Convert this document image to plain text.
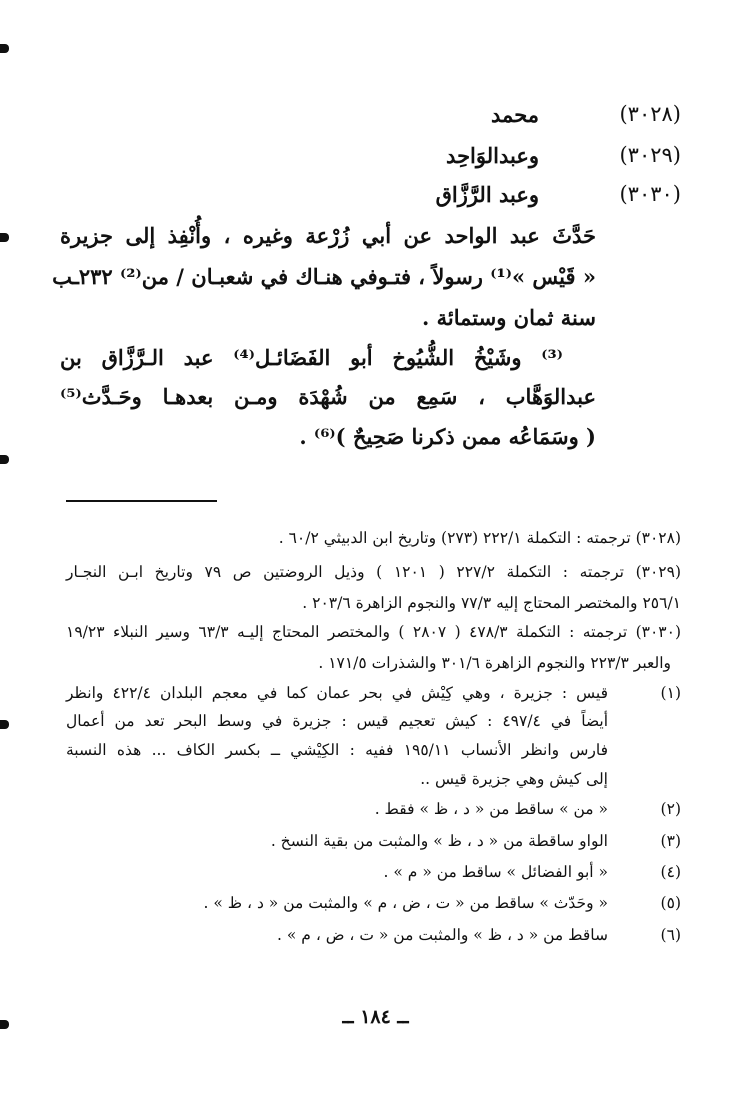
(٣٠٢٨)
محمد
(٣٠٢٩)
وعبدالوَاحِد
(٣٠٣٠)
وعبد الرَّزَّاق
حَدَّثَ عبد الواحد عن أبي زُرْعة وغيره ، وأُنْفِذ إلى جزيرة
« قَيْس »⁽¹⁾ رسولاً ، فتـوفي هنـاك في شعبـان / من⁽²⁾ ٢٣٢ـب
سنة ثمان وستمائة .
⁽³⁾ وشَيْخُ الشُّيُوخ أبو الفَضَائـل⁽⁴⁾ عبد الـرَّزَّاق بن
عبدالوَهَّاب ، سَمِع من شُهْدَة ومـن بعدهـا وحَـدَّث⁽⁵⁾
( وسَمَاعُه ممن ذكرنا صَحِيحٌ )⁽⁶⁾ .
(٣٠٢٨) ترجمته : التكملة ٢٢٢/١ (٢٧٣) وتاريخ ابن الدبيثي ٦٠/٢ .
(٣٠٢٩) ترجمته : التكملة ٢٢٧/٢ ( ١٢٠١ ) وذيل الروضتين ص ٧٩ وتاريخ ابـن النجـار
٢٥٦/١ والمختصر المحتاج إليه ٧٧/٣ والنجوم الزاهرة ٢٠٣/٦ .
(٣٠٣٠) ترجمته : التكملة ٤٧٨/٣ ( ٢٨٠٧ ) والمختصر المحتاج إليـه ٦٣/٣ وسير النبلاء ١٩/٢٣
والعبر ٢٢٣/٣ والنجوم الزاهرة ٣٠١/٦ والشذرات ١٧١/٥ .
(١)
قيس : جزيرة ، وهي كِيْش في بحر عمان كما في معجم البلدان ٤٢٢/٤ وانظر
أيضاً في ٤٩٧/٤ : كيش تعجيم قيس : جزيرة في وسط البحر تعد من أعمال
فارس وانظر الأنساب ١٩٥/١١ ففيه : الكِيْشي ــ بكسر الكاف ... هذه النسبة
إلى كيش وهي جزيرة قيس ..
(٢)
« من » ساقط من « د ، ظ » فقط .
(٣)
الواو ساقطة من « د ، ظ » والمثبت من بقية النسخ .
(٤)
« أبو الفضائل » ساقط من « م » .
(٥)
« وحَدّث » ساقط من « ت ، ض ، م » والمثبت من « د ، ظ » .
(٦)
ساقط من « د ، ظ » والمثبت من « ت ، ض ، م » .
ــ ١٨٤ ــ
